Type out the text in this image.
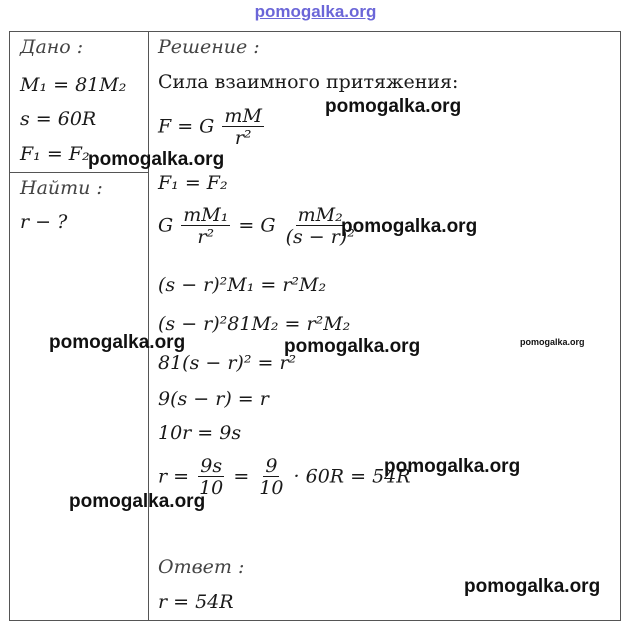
pomogalka.org
Дано :
M₁ = 81M₂
s = 60R
F₁ = F₂
Найти :
r − ?
Решение :
Сила взаимного притяжения:
F = G $\frac{mM}{\text{r²}}$
F₁ = F₂
G $\frac{\text{mM₁}}{\text{r²}} = G \frac{\text{mM₂}}{\text{(s − r)²}}$
(s − r)²M₁ = r²M₂
(s − r)²81M₂ = r²M₂
81(s − r)² = r²
9(s − r) = r
10r = 9s
$r = \frac{9s}{10} = \frac{9}{10} \cdot 60R = 54R$
Ответ :
r = 54R
pomogalka.org
pomogalka.org
pomogalka.org
pomogalka.org	pomogalka.org	pomogalka.org
pomogalka.org
pomogalka.org
pomogalka.org
